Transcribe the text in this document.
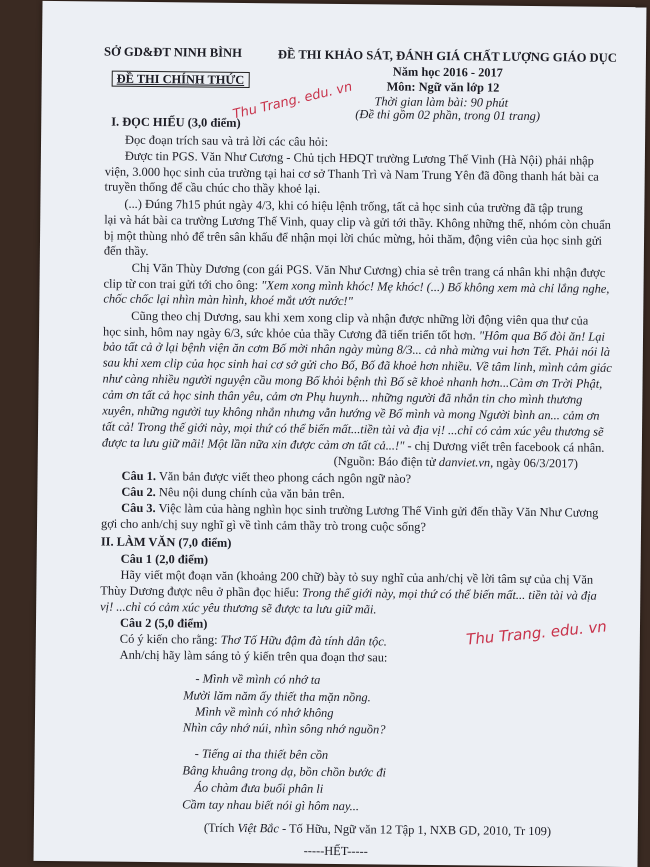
SỞ GD&ĐT NINH BÌNH	ĐỀ THI KHẢO SÁT, ĐÁNH GIÁ CHẤT LƯỢNG GIÁO DỤC
Năm học 2016 - 2017
ĐỀ THI CHÍNH THỨC
Môn: Ngữ văn lớp 12
Thời gian làm bài: 90 phút
(Đề thi gồm 02 phần, trong 01 trang)
Thu Trang. edu. vn
I. ĐỌC HIỂU (3,0 điểm)
Đọc đoạn trích sau và trả lời các câu hỏi:
Được tin PGS. Văn Như Cương - Chủ tịch HĐQT trường Lương Thế Vinh (Hà Nội) phải nhập
viện, 3.000 học sinh của trường tại hai cơ sở Thanh Trì và Nam Trung Yên đã đồng thanh hát bài ca
truyền thống để cầu chúc cho thầy khoẻ lại.
(...) Đúng 7h15 phút ngày 4/3, khi có hiệu lệnh trống, tất cả học sinh của trường đã tập trung
lại và hát bài ca trường Lương Thế Vinh, quay clip và gửi tới thầy. Không những thế, nhóm còn chuẩn
bị một thùng nhỏ để trên sân khấu để nhận mọi lời chúc mừng, hỏi thăm, động viên của học sinh gửi
đến thầy.
Chị Văn Thùy Dương (con gái PGS. Văn Như Cương) chia sẻ trên trang cá nhân khi nhận được
clip từ con trai gửi tới cho ông: "Xem xong mình khóc! Mẹ khóc! (...) Bố không xem mà chỉ lắng nghe,
chốc chốc lại nhìn màn hình, khoé mắt ướt nước!"
Cũng theo chị Dương, sau khi xem xong clip và nhận được những lời động viên qua thư của
học sinh, hôm nay ngày 6/3, sức khỏe của thầy Cương đã tiến triển tốt hơn. "Hôm qua Bố đòi ăn! Lại
bảo tất cả ở lại bệnh viện ăn cơm Bố mời nhân ngày mùng 8/3... cả nhà mừng vui hơn Tết. Phải nói là
sau khi xem clip của học sinh hai cơ sở gửi cho Bố, Bố đã khoẻ hơn nhiều. Về tâm linh, mình cảm giác
như càng nhiều người nguyện cầu mong Bố khỏi bệnh thì Bố sẽ khoẻ nhanh hơn...Cảm ơn Trời Phật,
cảm ơn tất cả học sinh thân yêu, cảm ơn Phụ huynh... những người đã nhắn tin cho mình thương
xuyên, những người tuy không nhắn nhưng vẫn hướng về Bố mình và mong Người bình an... cảm ơn
tất cả! Trong thế giới này, mọi thứ có thể biến mất...tiền tài và địa vị! ...chỉ có cảm xúc yêu thương sẽ
được ta lưu giữ mãi! Một lần nữa xin được cảm ơn tất cả...!" - chị Dương viết trên facebook cá nhân.
(Nguồn: Báo điện tử danviet.vn, ngày 06/3/2017)
Câu 1. Văn bản được viết theo phong cách ngôn ngữ nào?
Câu 2. Nêu nội dung chính của văn bản trên.
Câu 3. Việc làm của hàng nghìn học sinh trường Lương Thế Vinh gửi đến thầy Văn Như Cương
gợi cho anh/chị suy nghĩ gì về tình cảm thầy trò trong cuộc sống?
II. LÀM VĂN (7,0 điểm)
Câu 1 (2,0 điểm)
Hãy viết một đoạn văn (khoảng 200 chữ) bày tỏ suy nghĩ của anh/chị về lời tâm sự của chị Văn
Thùy Dương được nêu ở phần đọc hiểu: Trong thế giới này, mọi thứ có thể biến mất... tiền tài và địa
vị! ...chỉ có cảm xúc yêu thương sẽ được ta lưu giữ mãi.
Câu 2 (5,0 điểm)
Có ý kiến cho rằng: Thơ Tố Hữu đậm đà tính dân tộc.
Anh/chị hãy làm sáng tỏ ý kiến trên qua đoạn thơ sau:
Thu Trang. edu. vn
- Mình về mình có nhớ ta
Mười lăm năm ấy thiết tha mặn nồng.
Mình về mình có nhớ không
Nhìn cây nhớ núi, nhìn sông nhớ nguồn?
- Tiếng ai tha thiết bên cồn
Bâng khuâng trong dạ, bồn chồn bước đi
Áo chàm đưa buổi phân li
Cầm tay nhau biết nói gì hôm nay...
(Trích Việt Bắc - Tố Hữu, Ngữ văn 12 Tập 1, NXB GD, 2010, Tr 109)
-----HẾT-----
